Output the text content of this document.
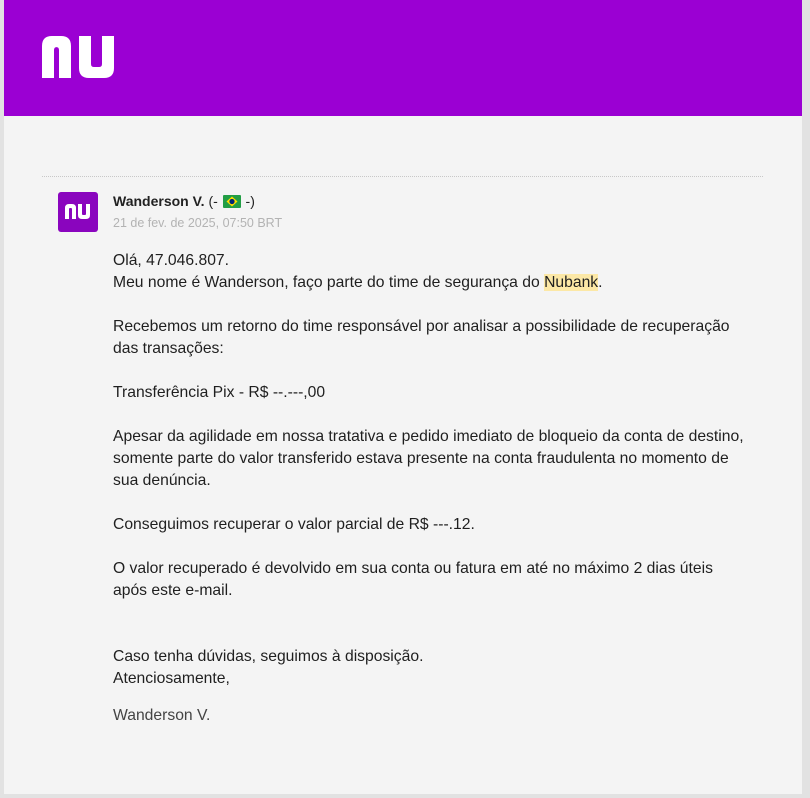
Wanderson V. (- -)
21 de fev. de 2025, 07:50 BRT
Olá, 47.046.807.
Meu nome é Wanderson, faço parte do time de segurança do Nubank.
Recebemos um retorno do time responsável por analisar a possibilidade de recuperação
das transações:
Transferência Pix - R$ --.---,00
Apesar da agilidade em nossa tratativa e pedido imediato de bloqueio da conta de destino,
somente parte do valor transferido estava presente na conta fraudulenta no momento de
sua denúncia.
Conseguimos recuperar o valor parcial de R$ ---.12.
O valor recuperado é devolvido em sua conta ou fatura em até no máximo 2 dias úteis
após este e-mail.
Caso tenha dúvidas, seguimos à disposição.
Atenciosamente,
Wanderson V.
